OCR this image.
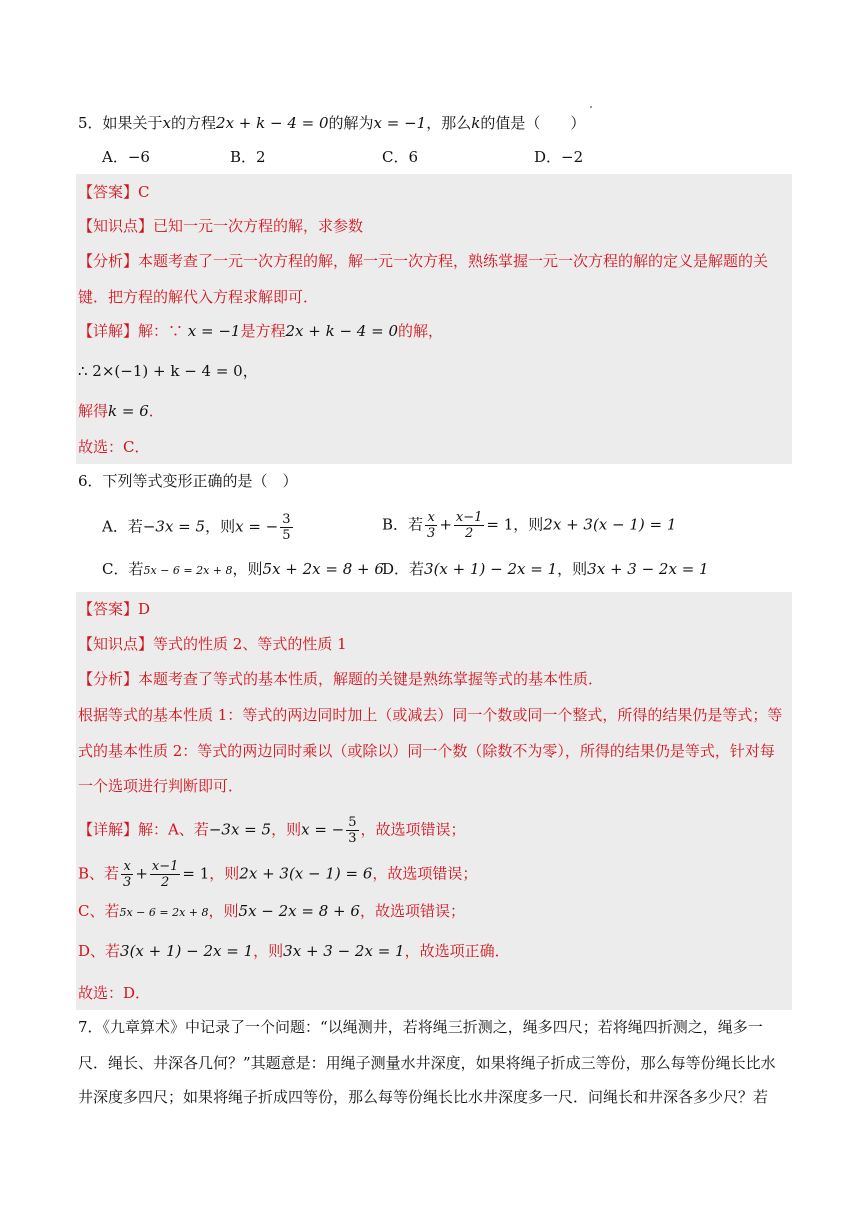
5．如果关于x的方程2x + k − 4 = 0的解为x = −1，那么k的值是（　　）
A．−6	B．2	C．6	D．−2
【答案】C
【知识点】已知一元一次方程的解，求参数
【分析】本题考查了一元一次方程的解，解一元一次方程，熟练掌握一元一次方程的解的定义是解题的关
键．把方程的解代入方程求解即可．
【详解】解：∵ x = −1是方程2x + k − 4 = 0的解，
∴ 2×(−1) + k − 4 = 0，
解得k = 6．
故选：C．
6．下列等式变形正确的是（　）
A．若−3x = 5，则x = − $\frac{3}{5}$	B．若 $\frac{x}{3} + \frac{x-1}{2} = 1$，则2x + 3(x − 1) = 1
C．若5x − 6 = 2x + 8，则5x + 2x = 8 + 6
D．若3(x + 1) − 2x = 1，则3x + 3 − 2x = 1
【答案】D
【知识点】等式的性质 2、等式的性质 1
【分析】本题考查了等式的基本性质，解题的关键是熟练掌握等式的基本性质．
根据等式的基本性质 1：等式的两边同时加上（或减去）同一个数或同一个整式，所得的结果仍是等式；等
式的基本性质 2：等式的两边同时乘以（或除以）同一个数（除数不为零），所得的结果仍是等式，针对每
一个选项进行判断即可．
【详解】解：A、若−3x = 5，则x = − $\frac{5}{3}$ ，故选项错误；
B、若 $\frac{x}{3} + \frac{x-1}{2} = 1$，则2x + 3(x − 1) = 6，故选项错误；
C、若5x − 6 = 2x + 8，则5x − 2x = 8 + 6，故选项错误；
D、若3(x + 1) − 2x = 1，则3x + 3 − 2x = 1，故选项正确．
故选：D．
7．《九章算术》中记录了一个问题：“以绳测井，若将绳三折测之，绳多四尺；若将绳四折测之，绳多一
尺．绳长、井深各几何？”其题意是：用绳子测量水井深度，如果将绳子折成三等份，那么每等份绳长比水
井深度多四尺；如果将绳子折成四等份，那么每等份绳长比水井深度多一尺．问绳长和井深各多少尺？若
